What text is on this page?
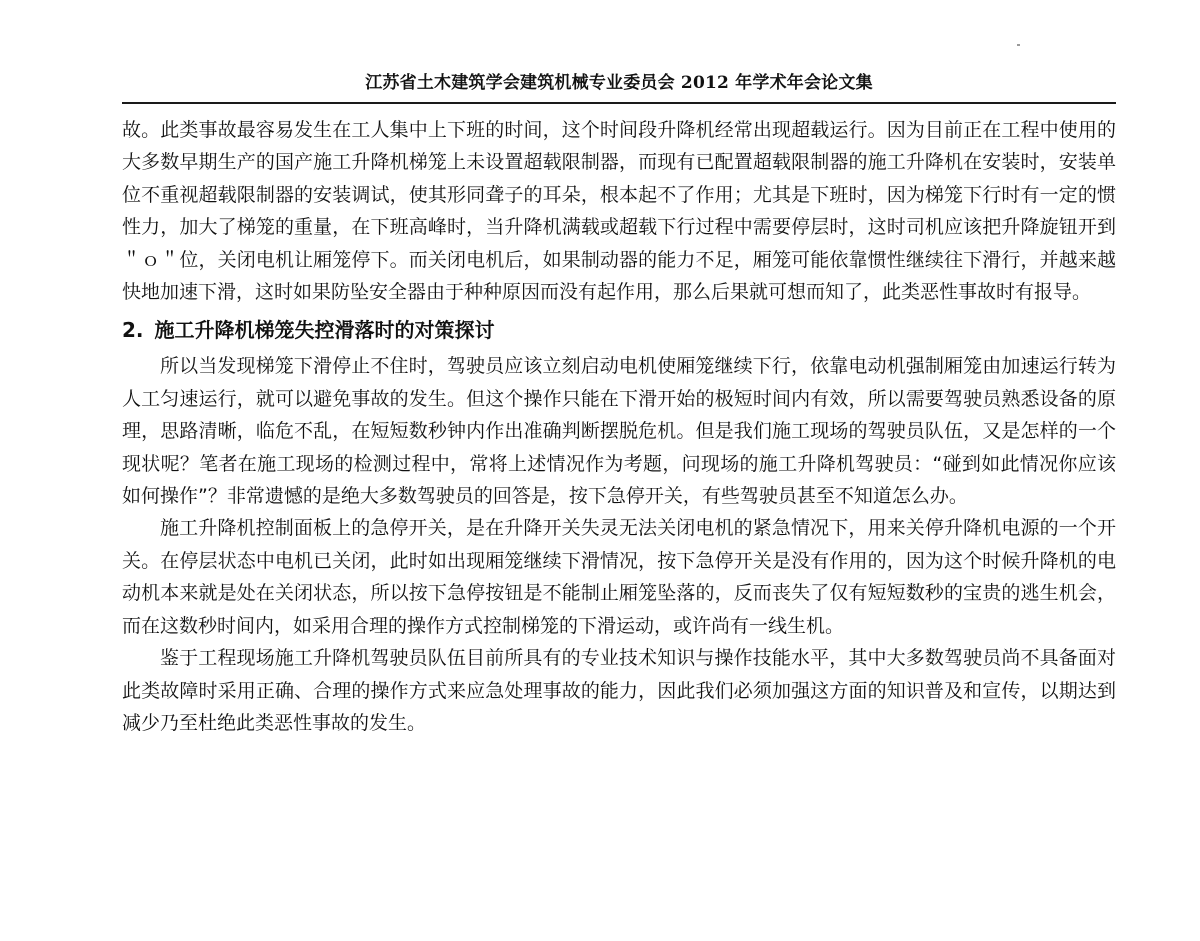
江苏省土木建筑学会建筑机械专业委员会 2012 年学术年会论文集

故。此类事故最容易发生在工人集中上下班的时间，这个时间段升降机经常出现超载运行。因为目前正在工程中使用的大多数早期生产的国产施工升降机梯笼上未设置超载限制器，而现有已配置超载限制器的施工升降机在安装时，安装单位不重视超载限制器的安装调试，使其形同聋子的耳朵，根本起不了作用；尤其是下班时，因为梯笼下行时有一定的惯性力，加大了梯笼的重量，在下班高峰时，当升降机满载或超载下行过程中需要停层时，这时司机应该把升降旋钮开到＂ｏ＂位，关闭电机让厢笼停下。而关闭电机后，如果制动器的能力不足，厢笼可能依靠惯性继续往下滑行，并越来越快地加速下滑，这时如果防坠安全器由于种种原因而没有起作用，那么后果就可想而知了，此类恶性事故时有报导。

2. 施工升降机梯笼失控滑落时的对策探讨

所以当发现梯笼下滑停止不住时，驾驶员应该立刻启动电机使厢笼继续下行，依靠电动机强制厢笼由加速运行转为人工匀速运行，就可以避免事故的发生。但这个操作只能在下滑开始的极短时间内有效，所以需要驾驶员熟悉设备的原理，思路清晰，临危不乱，在短短数秒钟内作出准确判断摆脱危机。但是我们施工现场的驾驶员队伍，又是怎样的一个现状呢？笔者在施工现场的检测过程中，常将上述情况作为考题，问现场的施工升降机驾驶员：“碰到如此情况你应该如何操作”？非常遗憾的是绝大多数驾驶员的回答是，按下急停开关，有些驾驶员甚至不知道怎么办。

施工升降机控制面板上的急停开关，是在升降开关失灵无法关闭电机的紧急情况下，用来关停升降机电源的一个开关。在停层状态中电机已关闭，此时如出现厢笼继续下滑情况，按下急停开关是没有作用的，因为这个时候升降机的电动机本来就是处在关闭状态，所以按下急停按钮是不能制止厢笼坠落的，反而丧失了仅有短短数秒的宝贵的逃生机会，而在这数秒时间内，如采用合理的操作方式控制梯笼的下滑运动，或许尚有一线生机。

鉴于工程现场施工升降机驾驶员队伍目前所具有的专业技术知识与操作技能水平，其中大多数驾驶员尚不具备面对此类故障时采用正确、合理的操作方式来应急处理事故的能力，因此我们必须加强这方面的知识普及和宣传，以期达到减少乃至杜绝此类恶性事故的发生。
